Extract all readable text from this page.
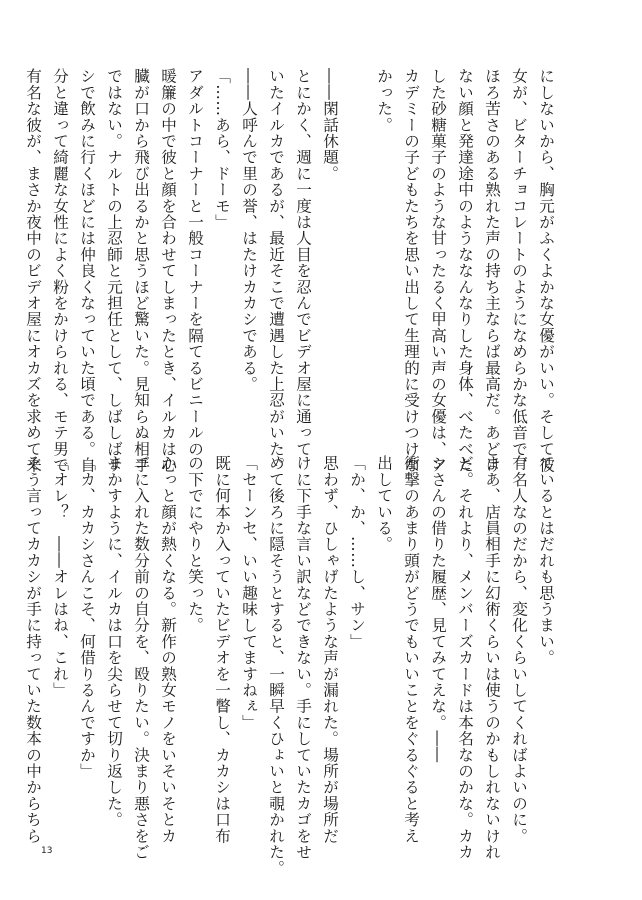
にしないから、胸元がふくよかな女優がいい。そして彼
女が、ビターチョコレートのようになめらかな低音で、
ほろ苦さのある熟れた声の持ち主ならば最高だ。あどけ
ない顔と発達途中のようななんなりした身体、べたべた
した砂糖菓子のような甘ったるく甲高い声の女優は、ア
カデミーの子どもたちを思い出して生理的に受けつけな
かった。

――閑話休題。
とにかく、週に一度は人目を忍んでビデオ屋に通って
いたイルカであるが、最近そこで遭遇した上忍がいた。
――人呼んで里の誉、はたけカカシである。
「……あら、ドーモ」
アダルトコーナーと一般コーナーを隔てるビニールの
暖簾の中で彼と顔を合わせてしまったとき、イルカは心
臓が口から飛び出るかと思うほど驚いた。見知らぬ相手
ではない。ナルトの上忍師と元担任として、しばしばサ
シで飲みに行くほどには仲良くなっていた頃である。自
分と違って綺麗な女性によく粉をかけられる、モテ男で
有名な彼が、まさか夜中のビデオ屋にオカズを求めて来
ているとはだれも思うまい。
有名人なのだから、変化くらいしてくればよいのに。
まあ、店員相手に幻術くらいは使うのかもしれないけれ
ど。それより、メンバーズカードは本名なのかな。カカ
シさんの借りた履歴、見てみてえな。――
衝撃のあまり頭がどうでもいいことをぐるぐると考え
出している。
「か、か、……し、サン」
思わず、ひしゃげたような声が漏れた。場所が場所だ
けに下手な言い訳などできない。手にしていたカゴをせ
めて後ろに隠そうとすると、一瞬早くひょいと覗かれた。
「セーンセ、いい趣味してますねぇ」
既に何本か入っていたビデオを一瞥し、カカシは口布
の下でにやりと笑った。
かっと顔が熱くなる。新作の熟女モノをいそいそとカ
ゴに入れた数分前の自分を、殴りたい。決まり悪さをご
まかすように、イルカは口を尖らせて切り返した。
「カ、カカシさんこそ、何借りるんですか」
「オレ？　――オレはね、これ」
そう言ってカカシが手に持っていた数本の中からちら
13
